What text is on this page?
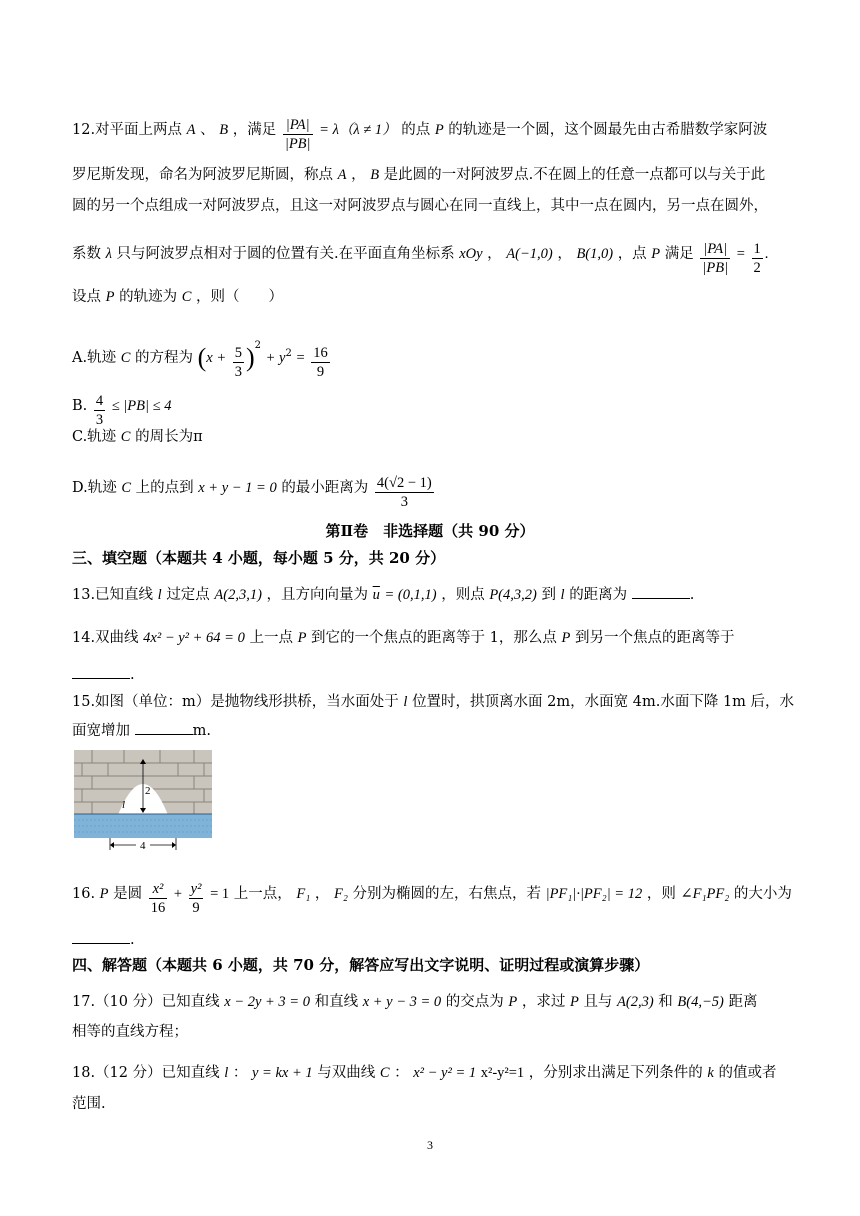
12.对平面上两点 A 、 B ，满足 $\frac{|PA|}{|PB|} = \lambda(\lambda \ne 1)$ 的点 P 的轨迹是一个圆，这个圆最先由古希腊数学家阿波
罗尼斯发现，命名为阿波罗尼斯圆，称点 A ， B 是此圆的一对阿波罗点.不在圆上的任意一点都可以与关于此
圆的另一个点组成一对阿波罗点，且这一对阿波罗点与圆心在同一直线上，其中一点在圆内，另一点在圆外，
系数 λ 只与阿波罗点相对于圆的位置有关.在平面直角坐标系 xOy ， A(−1,0) ， B(1,0) ，点 P 满足 $\frac{|PA|}{|PB|} = \frac{1}{2}$ .
设点 P 的轨迹为 C ，则（　　）
A.轨迹 C 的方程为 $(x + \frac{5}{3} )^2 + y^2 = \frac{16}{9}$
B. $\frac{4}{3} \le |PB| \le 4$
C.轨迹 C 的周长为π
D.轨迹 C 上的点到 x + y − 1 = 0 的最小距离为 $\frac{4(√2 - 1)}{3}$
第Ⅱ卷　非选择题（共 90 分）
三、填空题（本题共 4 小题，每小题 5 分，共 20 分）
13.已知直线 l 过定点 A(2,3,1) ，且方向向量为 $\overline{u} = (0,1,1)$ ，则点 P(4,3,2) 到 l 的距离为	.
14.双曲线 4x² − y² + 64 = 0 上一点 P 到它的一个焦点的距离等于 1，那么点 P 到另一个焦点的距离等于
.
15.如图（单位：m）是抛物线形拱桥，当水面处于 l 位置时，拱顶离水面 2m，水面宽 4m.水面下降 1m 后，水
面宽增加	m.
2
l
4
16. P 是圆 $\frac{\text{x²}}{16} + \frac{\text{y²}}{9} = 1$ 上一点， F₁ ， F₂ 分别为椭圆的左，右焦点，若 |PF₁|·|PF₂| = 12 ，则 ∠F₁PF₂ 的大小为
.
四、解答题（本题共 6 小题，共 70 分，解答应写出文字说明、证明过程或演算步骤）
17.（10 分）已知直线 x − 2y + 3 = 0 和直线 x + y − 3 = 0 的交点为 P ，求过 P 且与 A(2,3) 和 B(4,−5) 距离
相等的直线方程；
18.（12 分）已知直线 l ： y = kx + 1 与双曲线 C ： x² − y² = 1 x²-y²=1 ，分别求出满足下列条件的 k 的值或者
范围.
3
